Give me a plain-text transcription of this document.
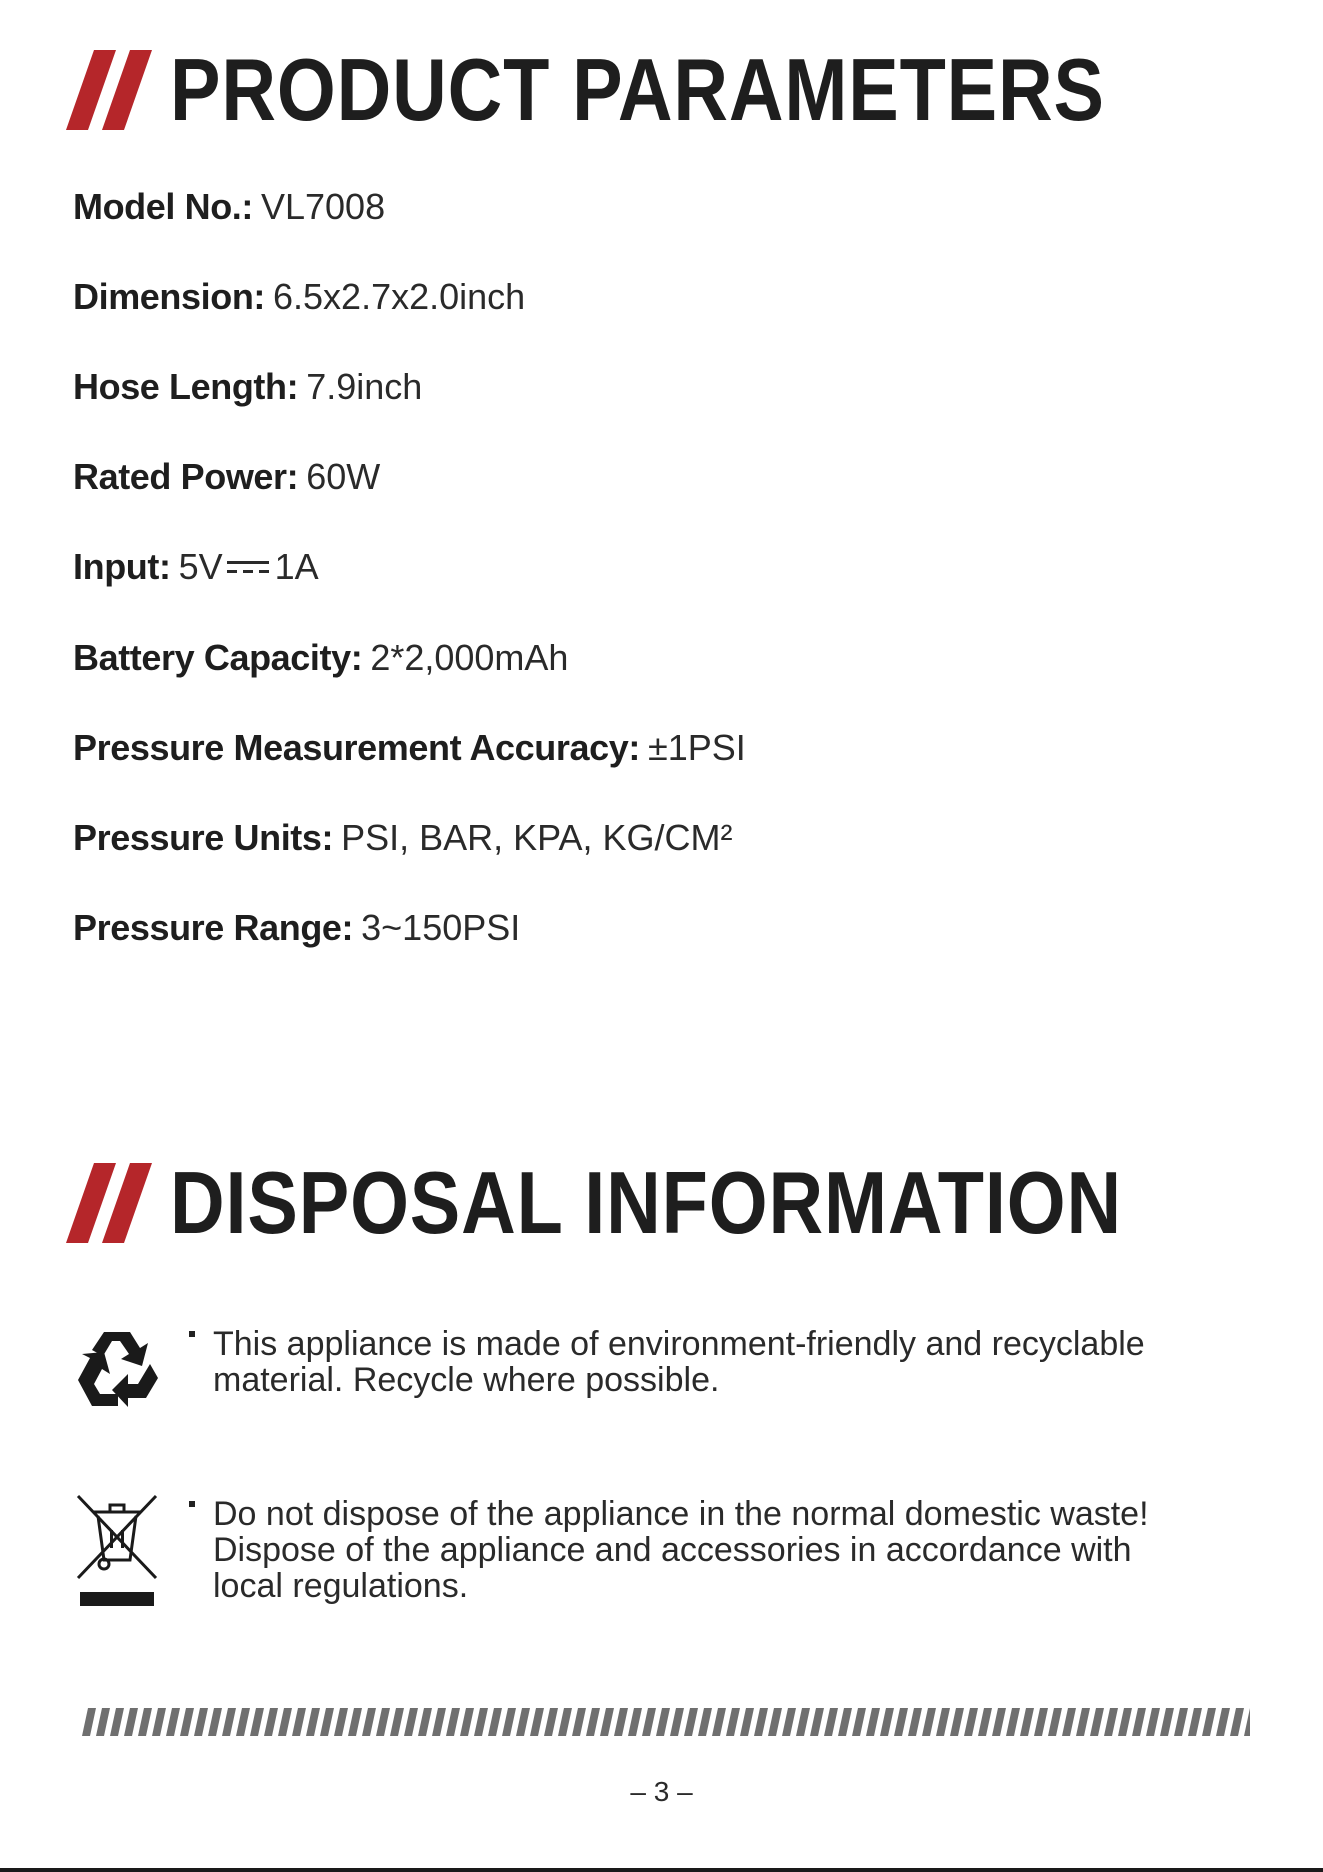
PRODUCT PARAMETERS
Model No.: VL7008
Dimension: 6.5x2.7x2.0inch
Hose Length: 7.9inch
Rated Power: 60W
Input: 5V 1A
Battery Capacity: 2*2,000mAh
Pressure Measurement Accuracy: ±1PSI
Pressure Units: PSI, BAR, KPA, KG/CM²
Pressure Range: 3~150PSI
DISPOSAL INFORMATION
This appliance is made of environment-friendly and recyclable
material. Recycle where possible.
Do not dispose of the appliance in the normal domestic waste!
Dispose of the appliance and accessories in accordance with
local regulations.
– 3 –
